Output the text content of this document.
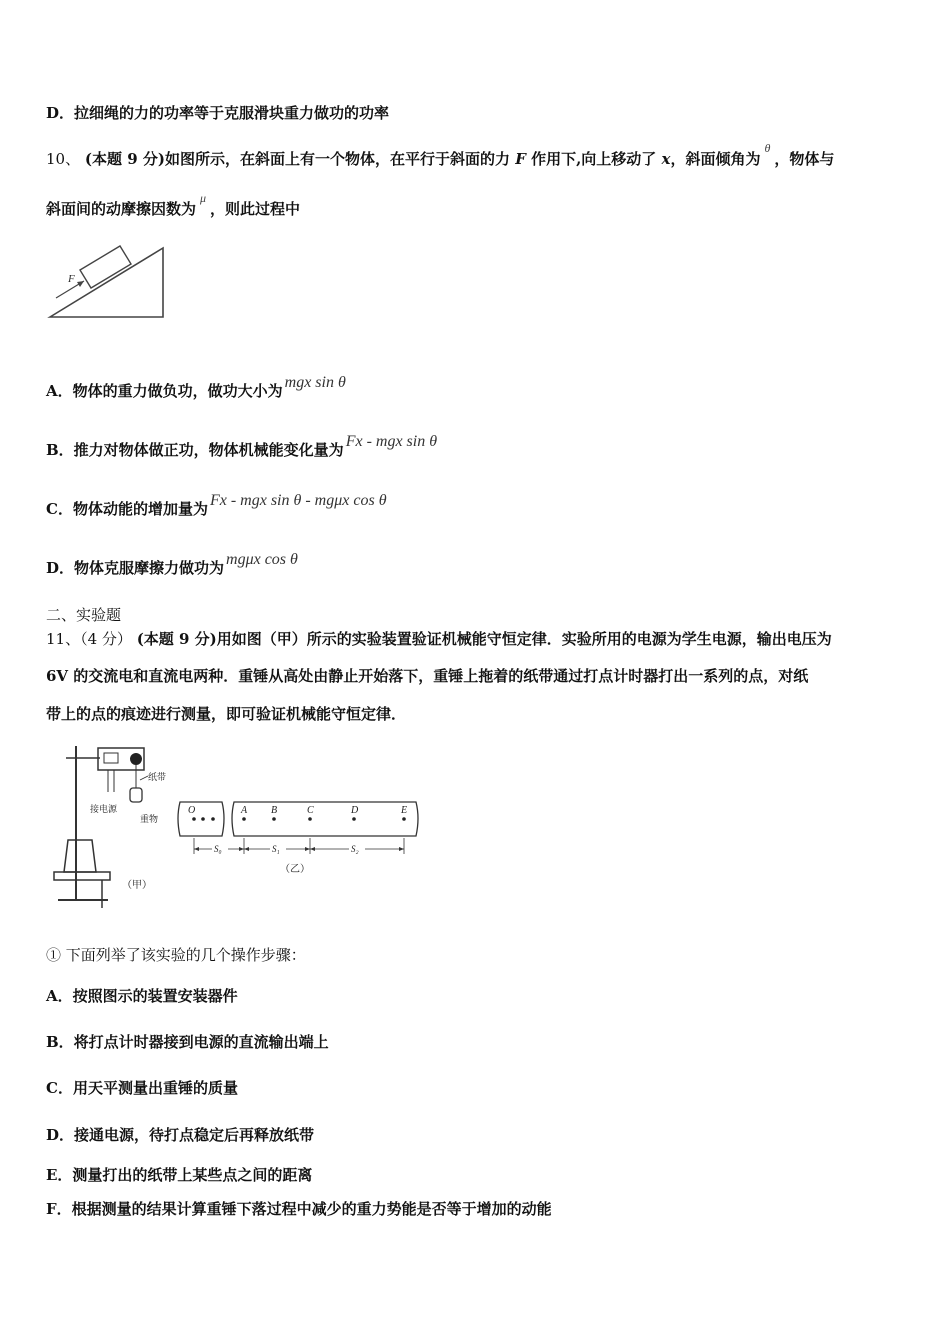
D．拉细绳的力的功率等于克服滑块重力做功的功率
10、 (本题 9 分)如图所示，在斜面上有一个物体，在平行于斜面的力 F 作用下,向上移动了 x，斜面倾角为$^\theta$，物体与
斜面间的动摩擦因数为$^\mu$，则此过程中
F
A．物体的重力做负功，做功大小为 mgx sin θ
B．推力对物体做正功，物体机械能变化量为 Fx - mgx sin θ
C．物体动能的增加量为 Fx - mgx sin θ - mgμx cos θ
D．物体克服摩擦力做功为 mgμx cos θ
二、实验题
11、（4 分） (本题 9 分)用如图（甲）所示的实验装置验证机械能守恒定律．实验所用的电源为学生电源，输出电压为
6V 的交流电和直流电两种．重锤从高处由静止开始落下，重锤上拖着的纸带通过打点计时器打出一系列的点，对纸
带上的点的痕迹进行测量，即可验证机械能守恒定律．
纸带
接电源
重物
（甲）
O	A B	C	D	E
S₀	S₁	S₂
（乙）
① 下面列举了该实验的几个操作步骤：
A．按照图示的装置安装器件
B．将打点计时器接到电源的直流输出端上
C．用天平测量出重锤的质量
D．接通电源，待打点稳定后再释放纸带
E．测量打出的纸带上某些点之间的距离
F．根据测量的结果计算重锤下落过程中减少的重力势能是否等于增加的动能
